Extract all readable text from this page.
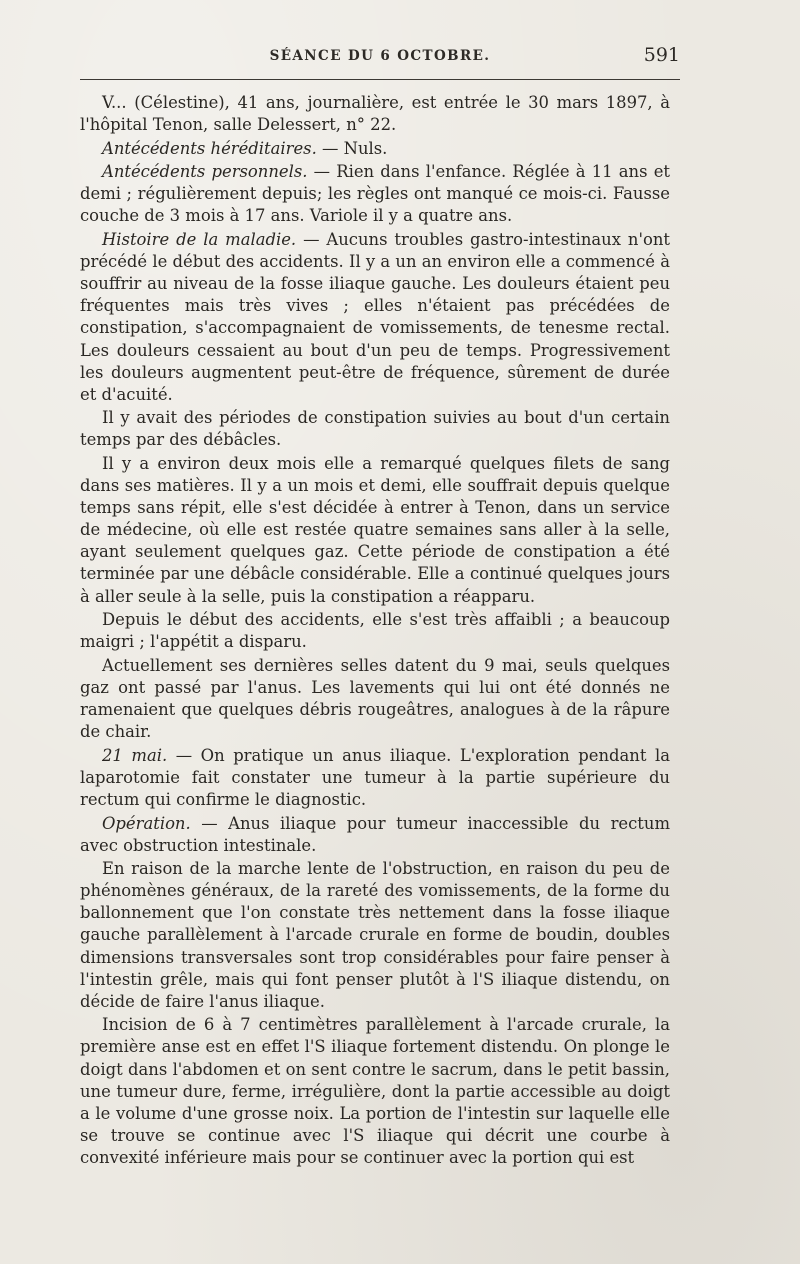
SÉANCE DU 6 OCTOBRE.	591

V... (Célestine), 41 ans, journalière, est entrée le 30 mars 1897, à l'hôpital Tenon, salle Delessert, n° 22.

Antécédents héréditaires. — Nuls.

Antécédents personnels. — Rien dans l'enfance. Réglée à 11 ans et demi ; régulièrement depuis; les règles ont manqué ce mois-ci. Fausse couche de 3 mois à 17 ans. Variole il y a quatre ans.

Histoire de la maladie. — Aucuns troubles gastro-intestinaux n'ont précédé le début des accidents. Il y a un an environ elle a commencé à souffrir au niveau de la fosse iliaque gauche. Les douleurs étaient peu fréquentes mais très vives ; elles n'étaient pas précédées de constipation, s'accompagnaient de vomissements, de tenesme rectal. Les douleurs cessaient au bout d'un peu de temps. Progressivement les douleurs augmentent peut-être de fréquence, sûrement de durée et d'acuité.

Il y avait des périodes de constipation suivies au bout d'un certain temps par des débâcles.

Il y a environ deux mois elle a remarqué quelques filets de sang dans ses matières. Il y a un mois et demi, elle souffrait depuis quelque temps sans répit, elle s'est décidée à entrer à Tenon, dans un service de médecine, où elle est restée quatre semaines sans aller à la selle, ayant seulement quelques gaz. Cette période de constipation a été terminée par une débâcle considérable. Elle a continué quelques jours à aller seule à la selle, puis la constipation a réapparu.

Depuis le début des accidents, elle s'est très affaibli ; a beaucoup maigri ; l'appétit a disparu.

Actuellement ses dernières selles datent du 9 mai, seuls quelques gaz ont passé par l'anus. Les lavements qui lui ont été donnés ne ramenaient que quelques débris rougeâtres, analogues à de la râpure de chair.

21 mai. — On pratique un anus iliaque. L'exploration pendant la laparotomie fait constater une tumeur à la partie supérieure du rectum qui confirme le diagnostic.

Opération. — Anus iliaque pour tumeur inaccessible du rectum avec obstruction intestinale.

En raison de la marche lente de l'obstruction, en raison du peu de phénomènes généraux, de la rareté des vomissements, de la forme du ballonnement que l'on constate très nettement dans la fosse iliaque gauche parallèlement à l'arcade crurale en forme de boudin, doubles dimensions transversales sont trop considérables pour faire penser à l'intestin grêle, mais qui font penser plutôt à l'S iliaque distendu, on décide de faire l'anus iliaque.

Incision de 6 à 7 centimètres parallèlement à l'arcade crurale, la première anse est en effet l'S iliaque fortement distendu. On plonge le doigt dans l'abdomen et on sent contre le sacrum, dans le petit bassin, une tumeur dure, ferme, irrégulière, dont la partie accessible au doigt a le volume d'une grosse noix. La portion de l'intestin sur laquelle elle se trouve se continue avec l'S iliaque qui décrit une courbe à convexité inférieure mais pour se continuer avec la portion qui est
